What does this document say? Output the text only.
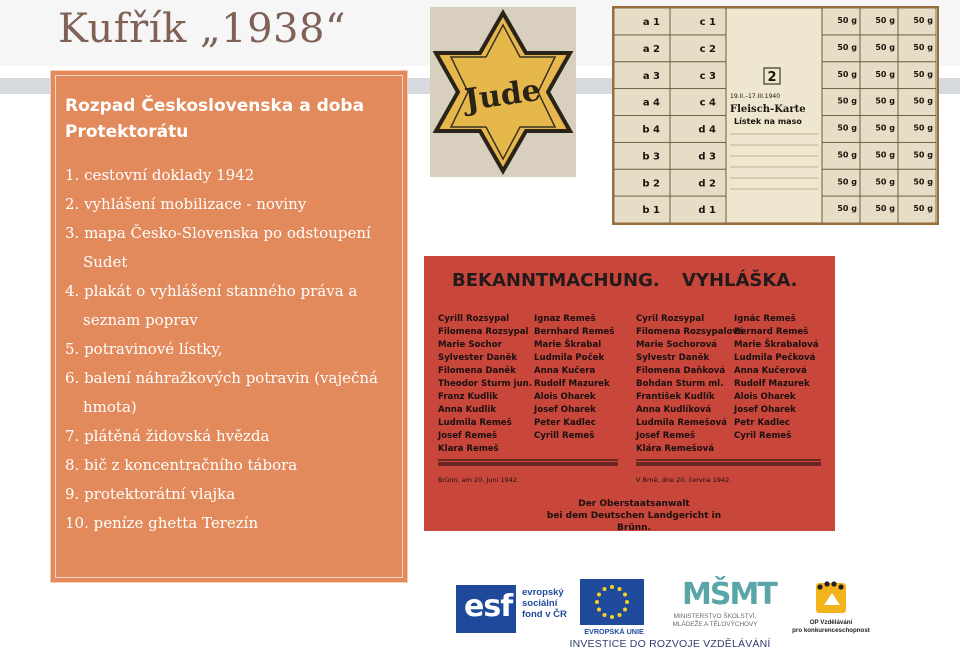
Kufřík „1938“
Rozpad Československa a doba Protektorátu
1. cestovní doklady 1942
2. vyhlášení mobilizace - noviny
3. mapa Česko-Slovenska po odstoupení
Sudet
4. plakát o vyhlášení stanného práva a
seznam poprav
5. potravinové lístky,
6. balení náhražkových potravin (vaječná
hmota)
7. plátěná židovská hvězda
8. bič z koncentračního tábora
9. protektorátní vlajka
10. peníze ghetta Terezín
Jude
a 1	c 1	50 g 50 g 50 g
a 2	c 2	50 g 50 g 50 g
a 3	c 3	50 g 50 g 50 g
a 4	c 4	50 g 50 g 50 g
b 4	d 4	50 g 50 g 50 g
b 3	d 3	50 g 50 g 50 g
b 2	d 2	50 g 50 g 50 g
b 1	d 1	50 g 50 g 50 g
2
19.II.–17.III.1940
Fleisch-Karte
Lístek na maso
BEKANNTMACHUNG. VYHLÁŠKA.
Cyrill Rozsypal
Filomena Rozsypal
Marie Sochor
Sylvester Daněk
Filomena Daněk
Theodor Sturm jun.
Franz Kudlik
Anna Kudlik
Ludmila Remeš
Josef Remeš
Klara Remeš
Ignaz Remeš
Bernhard Remeš
Marie Škrabal
Ludmila Poček
Anna Kučera
Rudolf Mazurek
Alois Oharek
Josef Oharek
Peter Kadlec
Cyrill Remeš
Cyril Rozsypal
Filomena Rozsypalová
Marie Sochorová
Sylvestr Daněk
Filomena Daňková
Bohdan Sturm ml.
František Kudlík
Anna Kudlíková
Ludmila Remešová
Josef Remeš
Klára Remešová
Ignác Remeš
Bernard Remeš
Marie Škrabalová
Ludmila Pečková
Anna Kučerová
Rudolf Mazurek
Alois Oharek
Josef Oharek
Petr Kadlec
Cyril Remeš
Brünn, am 20. Juni 1942.	V Brně, dne 20. června 1942.
Der Oberstaatsanwalt
bei dem Deutschen Landgericht in Brünn.
esf evropský
sociální
fond v ČR
EVROPSKÁ UNIE
MŠMT
MINISTERSTVO ŠKOLSTVÍ,
MLÁDEŽE A TĚLOVÝCHOVY	OP Vzdělávání
pro konkurenceschopnost
INVESTICE DO ROZVOJE VZDĚLÁVÁNÍ
